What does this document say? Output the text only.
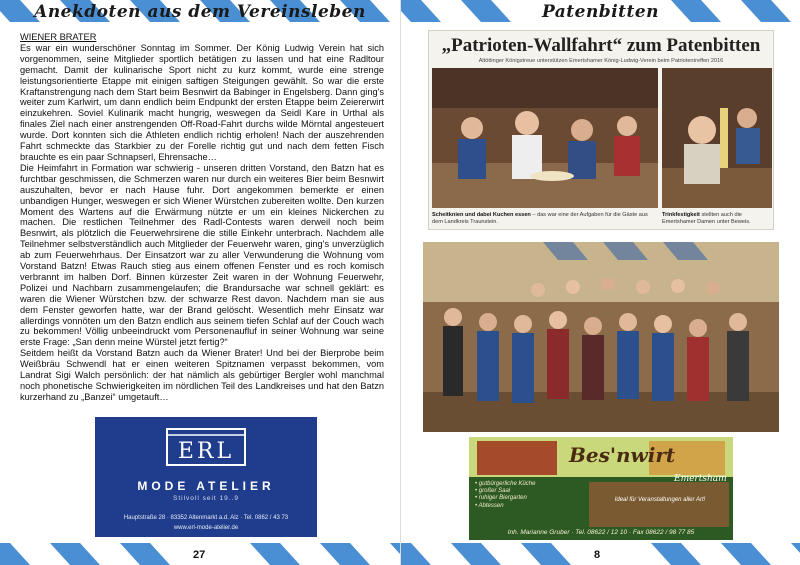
Anekdoten aus dem Vereinsleben
WIENER BRATER

Es war ein wunderschöner Sonntag im Sommer. Der König Ludwig Verein hat sich vorgenommen, seine Mitglieder sportlich betätigen zu lassen und hat eine Radltour gemacht. Damit der kulinarische Sport nicht zu kurz kommt, wurde eine strenge leistungsorientierte Etappe mit einigen saftigen Steigungen gewählt. So war die erste Kraftanstrengung nach dem Start beim Besnwirt da Babinger in Engelsberg. Dann ging's weiter zum Karlwirt, um dann endlich beim Endpunkt der ersten Etappe beim Zeiererwirt einzukehren. Soviel Kulinarik macht hungrig, weswegen da Seidl Kare in Urthal als finales Ziel nach einer anstrengenden Off-Road-Fahrt durchs wilde Mörntal angesteuert wurde. Dort konnten sich die Athleten endlich richtig erholen! Nach der auszehrenden Fahrt schmeckte das Starkbier zu der Forelle richtig gut und nach dem fetten Fisch brauchte es ein paar Schnapserl, Ehrensache…

Die Heimfahrt in Formation war schwierig - unseren dritten Vorstand, den Batzn hat es furchtbar geschmissen, die Schmerzen waren nur durch ein weiteres Bier beim Besnwirt auszuhalten, bevor er nach Hause fuhr. Dort angekommen bemerkte er einen unbandigen Hunger, weswegen er sich Wiener Würstchen zubereiten wollte. Den kurzen Moment des Wartens auf die Erwärmung nützte er um ein kleines Nickerchen zu machen. Die restlichen Teilnehmer des Radl-Contests waren derweil noch beim Besnwirt, als plötzlich die Feuerwehrsirene die stille Einkehr unterbrach. Nachdem alle Teilnehmer selbstverständlich auch Mitglieder der Feuerwehr waren, ging's unverzüglich ab zum Feuerwehrhaus. Der Einsatzort war zu aller Verwunderung die Wohnung vom Vorstand Batzn! Etwas Rauch stieg aus einem offenen Fenster und es roch komisch verbrannt im halben Dorf. Binnen kürzester Zeit waren in der Wohnung Feuerwehr, Polizei und Nachbarn zusammengelaufen; die Brandursache war schnell geklärt: es waren die Wiener Würstchen bzw. der schwarze Rest davon. Nachdem man sie aus dem Fenster geworfen hatte, war der Brand gelöscht. Wesentlich mehr Einsatz war allerdings vonnöten um den Batzn endlich aus seinem tiefen Schlaf auf der Couch wach zu bekommen! Völlig unbeeindruckt vom Personenaufluf in seiner Wohnung war seine erste Frage: „San denn meine Würstel jetzt fertig?“

Seitdem heißt da Vorstand Batzn auch da Wiener Brater! Und bei der Bierprobe beim Weißbräu Schwendl hat er einen weiteren Spitznamen verpasst bekommen, vom Landrat Sigi Walch persönlich: der hat nämlich als gebürtiger Bergler wohl manchmal noch phonetische Schwierigkeiten im nördlichen Teil des Landkreises und hat den Batzn kurzerhand zu „Banzei“ umgetauft…

ERL
MODE ATELIER
Stilvoll seit 19..9
Hauptstraße 28 · 83352 Altenmarkt a.d. Alz · Tel. 0862 / 43 73
www.erl-mode-atelier.de
27
Patenbitten
„Patrioten-Wallfahrt“ zum Patenbitten
Altöttinger Königstreue unterstützen Emertshamer König-Ludwig-Verein beim Patriotentreffen 2016
Scheitknien und dabei Kuchen essen – das war eine der Aufgaben für die Gäste aus dem Landkreis Traunstein.
Trinkfestigkeit stellten auch die Emertshamer Damen unter Beweis.
Bes'nwirt
Emertsham
• gutbürgerliche Küche
• großer Saal
• ruhiger Biergarten
• Abtessen
Ideal für Veranstaltungen aller Art!
Inh. Marianne Gruber · Tel. 08622 / 12 10 · Fax 08622 / 98 77 85
8
